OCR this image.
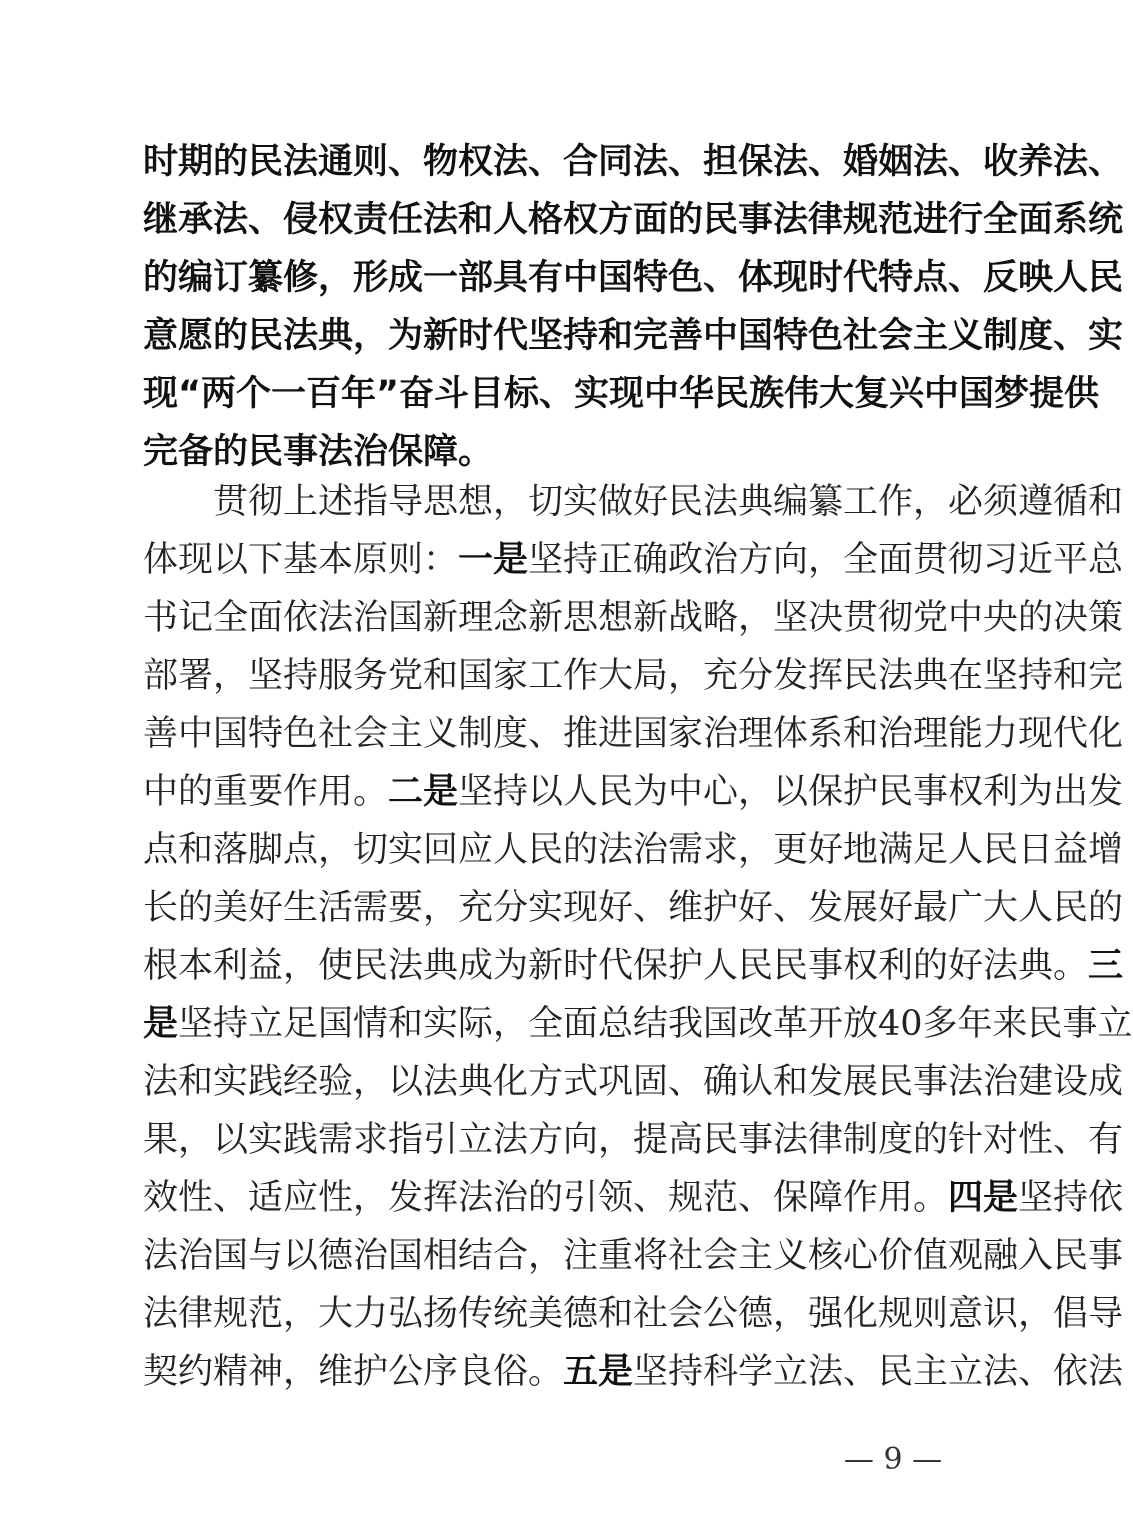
时期的民法通则、物权法、合同法、担保法、婚姻法、收养法、
继承法、侵权责任法和人格权方面的民事法律规范进行全面系统
的编订纂修，形成一部具有中国特色、体现时代特点、反映人民
意愿的民法典，为新时代坚持和完善中国特色社会主义制度、实
现“两个一百年”奋斗目标、实现中华民族伟大复兴中国梦提供
完备的民事法治保障。
贯彻上述指导思想，切实做好民法典编纂工作，必须遵循和
体现以下基本原则：一是坚持正确政治方向，全面贯彻习近平总
书记全面依法治国新理念新思想新战略，坚决贯彻党中央的决策
部署，坚持服务党和国家工作大局，充分发挥民法典在坚持和完
善中国特色社会主义制度、推进国家治理体系和治理能力现代化
中的重要作用。二是坚持以人民为中心，以保护民事权利为出发
点和落脚点，切实回应人民的法治需求，更好地满足人民日益增
长的美好生活需要，充分实现好、维护好、发展好最广大人民的
根本利益，使民法典成为新时代保护人民民事权利的好法典。三
是坚持立足国情和实际，全面总结我国改革开放40多年来民事立
法和实践经验，以法典化方式巩固、确认和发展民事法治建设成
果，以实践需求指引立法方向，提高民事法律制度的针对性、有
效性、适应性，发挥法治的引领、规范、保障作用。四是坚持依
法治国与以德治国相结合，注重将社会主义核心价值观融入民事
法律规范，大力弘扬传统美德和社会公德，强化规则意识，倡导
契约精神，维护公序良俗。五是坚持科学立法、民主立法、依法
— 9 —
